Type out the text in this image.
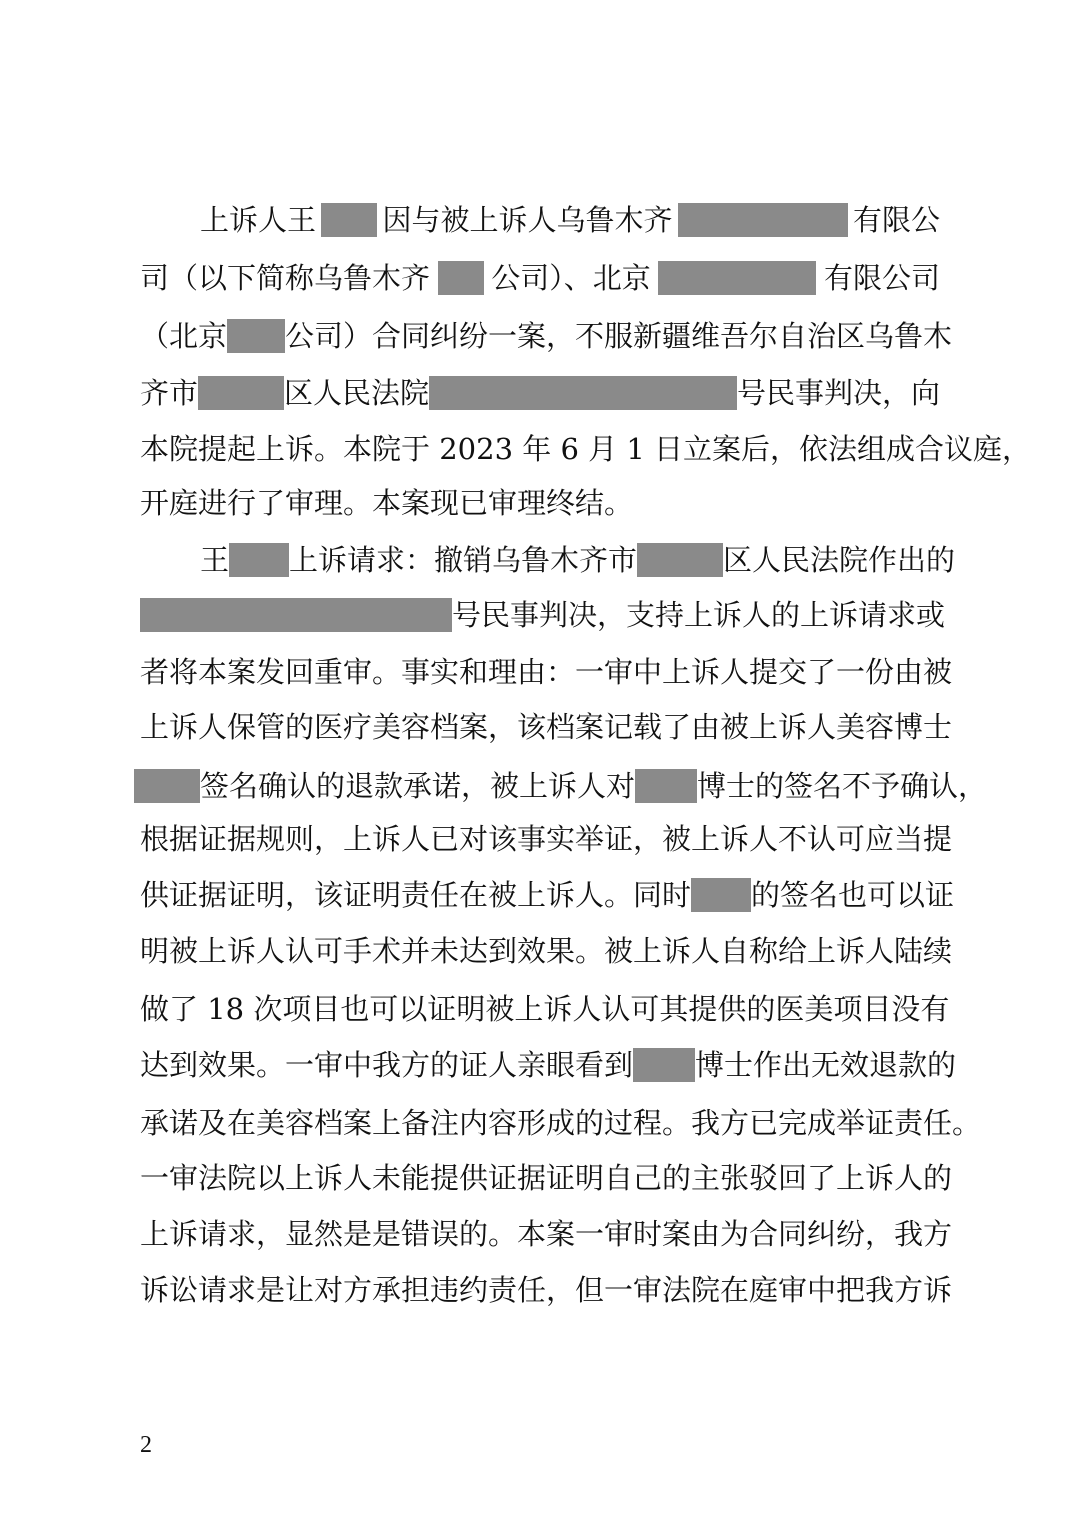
上诉人王 因与被上诉人乌鲁木齐	有限公
司（以下简称乌鲁木齐 公司）、北京	有限公司
（北京 公司）合同纠纷一案，不服新疆维吾尔自治区乌鲁木
齐市	区人民法院	号民事判决，向
本院提起上诉。本院于 2023 年 6 月 1 日立案后，依法组成合议庭，
开庭进行了审理。本案现已审理终结。
王 上诉请求：撤销乌鲁木齐市	区人民法院作出的
号民事判决，支持上诉人的上诉请求或
者将本案发回重审。事实和理由：一审中上诉人提交了一份由被
上诉人保管的医疗美容档案，该档案记载了由被上诉人美容博士
签名确认的退款承诺，被上诉人对 博士的签名不予确认，
根据证据规则，上诉人已对该事实举证，被上诉人不认可应当提
供证据证明，该证明责任在被上诉人。同时 的签名也可以证
明被上诉人认可手术并未达到效果。被上诉人自称给上诉人陆续
做了 18 次项目也可以证明被上诉人认可其提供的医美项目没有
达到效果。一审中我方的证人亲眼看到 博士作出无效退款的
承诺及在美容档案上备注内容形成的过程。我方已完成举证责任。
一审法院以上诉人未能提供证据证明自己的主张驳回了上诉人的
上诉请求，显然是是错误的。本案一审时案由为合同纠纷，我方
诉讼请求是让对方承担违约责任，但一审法院在庭审中把我方诉
2
